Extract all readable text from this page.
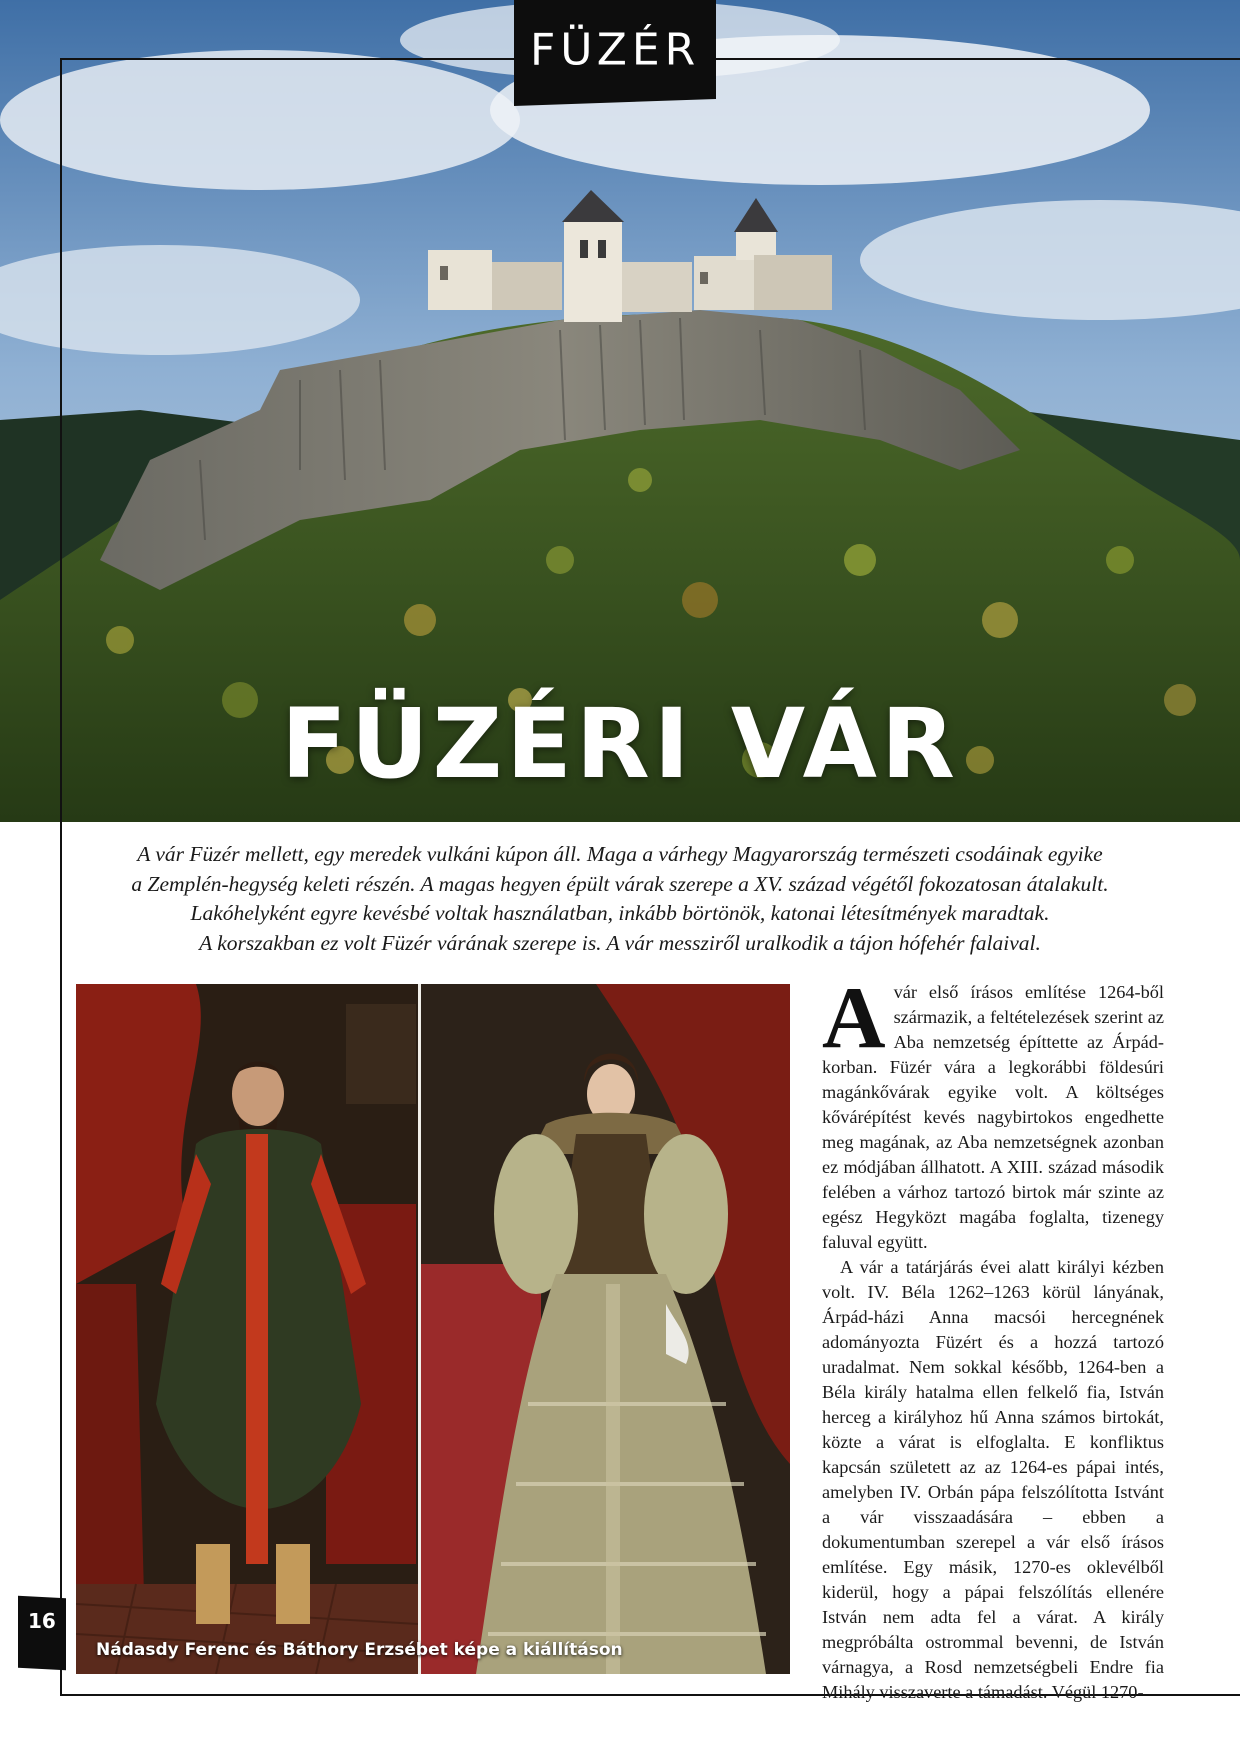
FÜZÉRI VÁR
FÜZÉR

A vár Füzér mellett, egy meredek vulkáni kúpon áll. Maga a várhegy Magyarország természeti csodáinak egyike

a Zemplén-hegység keleti részén. A magas hegyen épült várak szerepe a XV. század végétől fokozatosan átalakult.

Lakóhelyként egyre kevésbé voltak használatban, inkább börtönök, katonai létesítmények maradtak.

A korszakban ez volt Füzér várának szerepe is. A vár messziről uralkodik a tájon hófehér falaival.

Nádasdy Ferenc és Báthory Erzsébet képe a kiállításon

A vár első írásos említése 1264-ből származik, a feltételezések szerint az Aba nemzetség építtette az Árpád-korban. Füzér vára a legkorábbi földesúri magánkővárak egyike volt. A költséges kővárépítést kevés nagybirtokos engedhette meg magának, az Aba nemzetségnek azonban ez módjában állhatott. A XIII. század második felében a várhoz tartozó birtok már szinte az egész Hegyközt magába foglalta, tizenegy faluval együtt.

A vár a tatárjárás évei alatt királyi kézben volt. IV. Béla 1262–1263 körül lányának, Árpád-házi Anna macsói hercegnének adományozta Füzért és a hozzá tartozó uradalmat. Nem sokkal később, 1264-ben a Béla király hatalma ellen felkelő fia, István herceg a királyhoz hű Anna számos birtokát, közte a várat is elfoglalta. E konfliktus kapcsán született az az 1264-es pápai intés, amelyben IV. Orbán pápa felszólította Istvánt a vár visszaadására – ebben a dokumentumban szerepel a vár első írásos említése. Egy másik, 1270-es oklevélből kiderül, hogy a pápai felszólítás ellenére István nem adta fel a várat. A király megpróbálta ostrommal bevenni, de István várnagya, a Rosd nemzetségbeli Endre fia Mihály visszaverte a támadást. Végül 1270-

16
